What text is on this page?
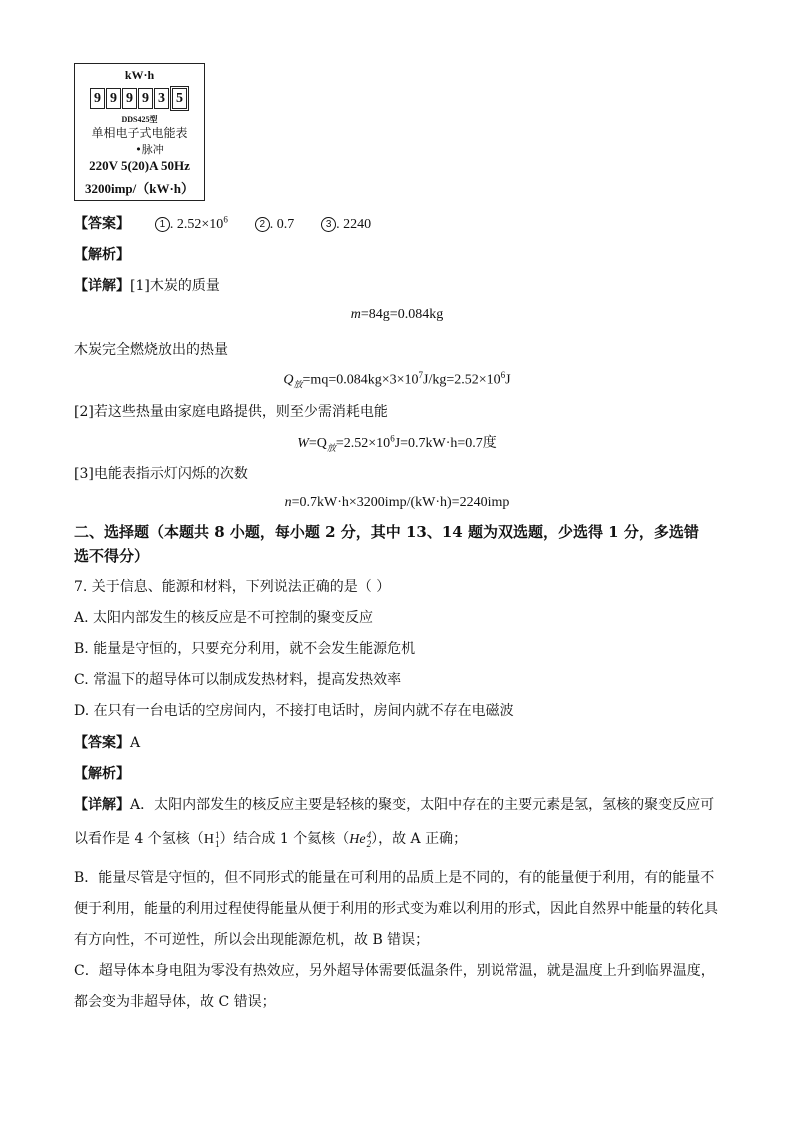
kW·h
9 9 9 9 3 5
DDS425型
单相电子式电能表
•脉冲
220V 5(20)A 50Hz
3200imp/（kW·h）
【答案】	1 . $2.52\times 10^6$	2 . 0.7	3 . 2240
【解析】
【详解】[1]木炭的质量
m=84g=0.084kg
木炭完全燃烧放出的热量
$Q_放=mq=0.084kg\times 3\times 10^7J/kg=2.52\times 10^6J$
[2]若这些热量由家庭电路提供，则至少需消耗电能
$W=Q_放=2.52\times 10^6J=0.7kW\cdot h=0.7$度
[3]电能表指示灯闪烁的次数
n=0.7kW·h×3200imp/(kW·h)=2240imp
二、选择题（本题共 8 小题，每小题 2 分，其中 13、14 题为双选题，少选得 1 分，多选错
选不得分）
7. 关于信息、能源和材料，下列说法正确的是（ ）
A. 太阳内部发生的核反应是不可控制的聚变反应
B. 能量是守恒的，只要充分利用，就不会发生能源危机
C. 常温下的超导体可以制成发热材料，提高发热效率
D. 在只有一台电话的空房间内，不接打电话时，房间内就不存在电磁波
【答案】A
【解析】
【详解】A．太阳内部发生的核反应主要是轻核的聚变，太阳中存在的主要元素是氢，氢核的聚变反应可
以看作是 4 个氢核（H 1
1 ）结合成 1 个氦核（He 4
2 ），故 A 正确；
B．能量尽管是守恒的，但不同形式的能量在可利用的品质上是不同的，有的能量便于利用，有的能量不
便于利用，能量的利用过程使得能量从便于利用的形式变为难以利用的形式，因此自然界中能量的转化具
有方向性，不可逆性，所以会出现能源危机，故 B 错误；
C．超导体本身电阻为零没有热效应，另外超导体需要低温条件，别说常温，就是温度上升到临界温度，
都会变为非超导体，故 C 错误；
